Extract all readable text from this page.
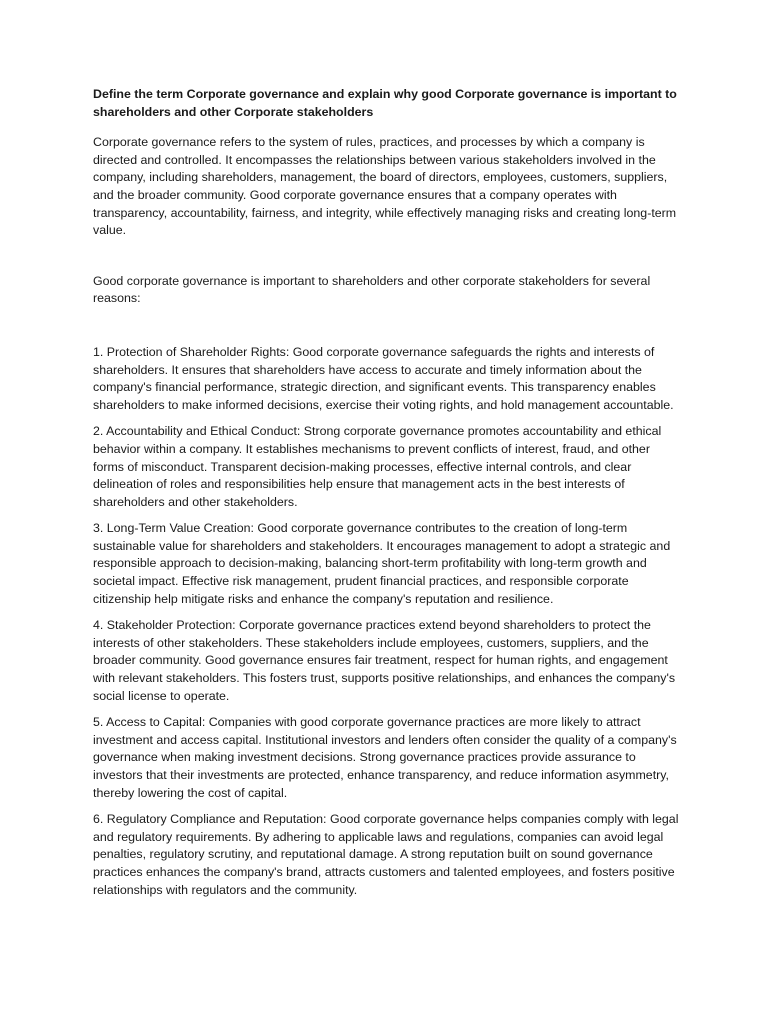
Define the term Corporate governance and explain why good Corporate governance is important to shareholders and other Corporate stakeholders

Corporate governance refers to the system of rules, practices, and processes by which a company is directed and controlled. It encompasses the relationships between various stakeholders involved in the company, including shareholders, management, the board of directors, employees, customers, suppliers, and the broader community. Good corporate governance ensures that a company operates with transparency, accountability, fairness, and integrity, while effectively managing risks and creating long-term value.

Good corporate governance is important to shareholders and other corporate stakeholders for several reasons:

1. Protection of Shareholder Rights: Good corporate governance safeguards the rights and interests of shareholders. It ensures that shareholders have access to accurate and timely information about the company's financial performance, strategic direction, and significant events. This transparency enables shareholders to make informed decisions, exercise their voting rights, and hold management accountable.

2. Accountability and Ethical Conduct: Strong corporate governance promotes accountability and ethical behavior within a company. It establishes mechanisms to prevent conflicts of interest, fraud, and other forms of misconduct. Transparent decision-making processes, effective internal controls, and clear delineation of roles and responsibilities help ensure that management acts in the best interests of shareholders and other stakeholders.

3. Long-Term Value Creation: Good corporate governance contributes to the creation of long-term sustainable value for shareholders and stakeholders. It encourages management to adopt a strategic and responsible approach to decision-making, balancing short-term profitability with long-term growth and societal impact. Effective risk management, prudent financial practices, and responsible corporate citizenship help mitigate risks and enhance the company's reputation and resilience.

4. Stakeholder Protection: Corporate governance practices extend beyond shareholders to protect the interests of other stakeholders. These stakeholders include employees, customers, suppliers, and the broader community. Good governance ensures fair treatment, respect for human rights, and engagement with relevant stakeholders. This fosters trust, supports positive relationships, and enhances the company's social license to operate.

5. Access to Capital: Companies with good corporate governance practices are more likely to attract investment and access capital. Institutional investors and lenders often consider the quality of a company's governance when making investment decisions. Strong governance practices provide assurance to investors that their investments are protected, enhance transparency, and reduce information asymmetry, thereby lowering the cost of capital.

6. Regulatory Compliance and Reputation: Good corporate governance helps companies comply with legal and regulatory requirements. By adhering to applicable laws and regulations, companies can avoid legal penalties, regulatory scrutiny, and reputational damage. A strong reputation built on sound governance practices enhances the company's brand, attracts customers and talented employees, and fosters positive relationships with regulators and the community.
